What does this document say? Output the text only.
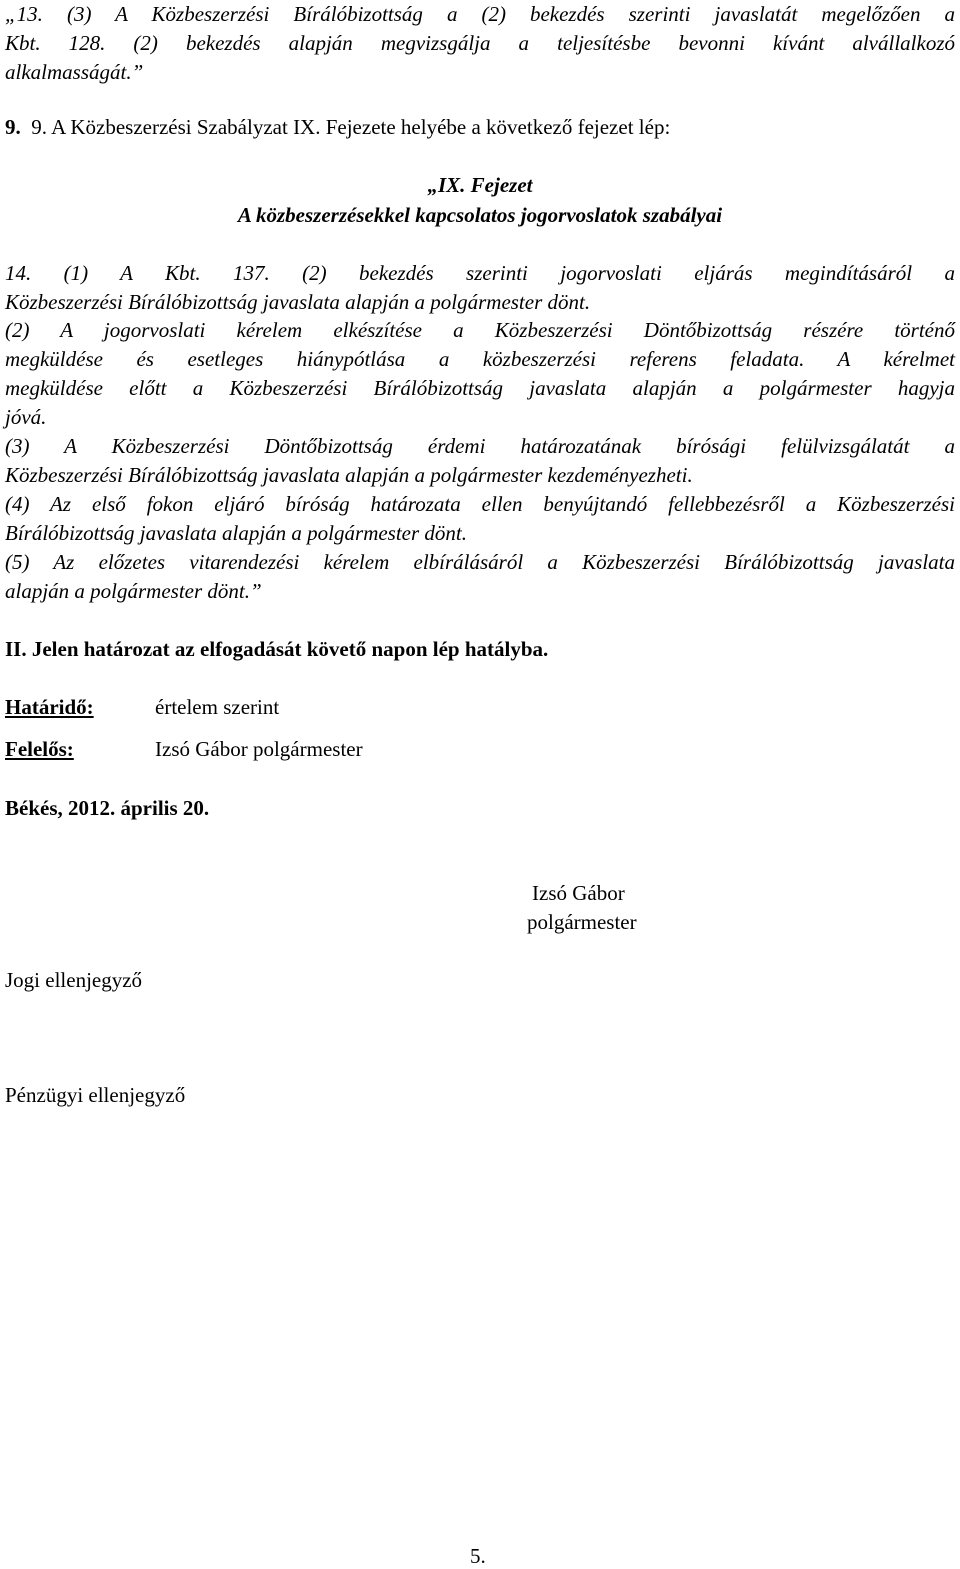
„13. (3) A Közbeszerzési Bírálóbizottság a (2) bekezdés szerinti javaslatát megelőzően a
Kbt. 128. (2) bekezdés alapján megvizsgálja a teljesítésbe bevonni kívánt alvállalkozó
alkalmasságát.”
9. 9. A Közbeszerzési Szabályzat IX. Fejezete helyébe a következő fejezet lép:
„IX. Fejezet
A közbeszerzésekkel kapcsolatos jogorvoslatok szabályai
14. (1) A Kbt. 137. (2) bekezdés szerinti jogorvoslati eljárás megindításáról a
Közbeszerzési Bírálóbizottság javaslata alapján a polgármester dönt.
(2) A jogorvoslati kérelem elkészítése a Közbeszerzési Döntőbizottság részére történő
megküldése és esetleges hiánypótlása a közbeszerzési referens feladata. A kérelmet
megküldése előtt a Közbeszerzési Bírálóbizottság javaslata alapján a polgármester hagyja
jóvá.
(3) A Közbeszerzési Döntőbizottság érdemi határozatának bírósági felülvizsgálatát a
Közbeszerzési Bírálóbizottság javaslata alapján a polgármester kezdeményezheti.
(4) Az első fokon eljáró bíróság határozata ellen benyújtandó fellebbezésről a Közbeszerzési
Bírálóbizottság javaslata alapján a polgármester dönt.
(5) Az előzetes vitarendezési kérelem elbírálásáról a Közbeszerzési Bírálóbizottság javaslata
alapján a polgármester dönt.”
II. Jelen határozat az elfogadását követő napon lép hatályba.
Határidő:	értelem szerint
Felelős:	Izsó Gábor polgármester
Békés, 2012. április 20.
Izsó Gábor
polgármester
Jogi ellenjegyző
Pénzügyi ellenjegyző
5.
